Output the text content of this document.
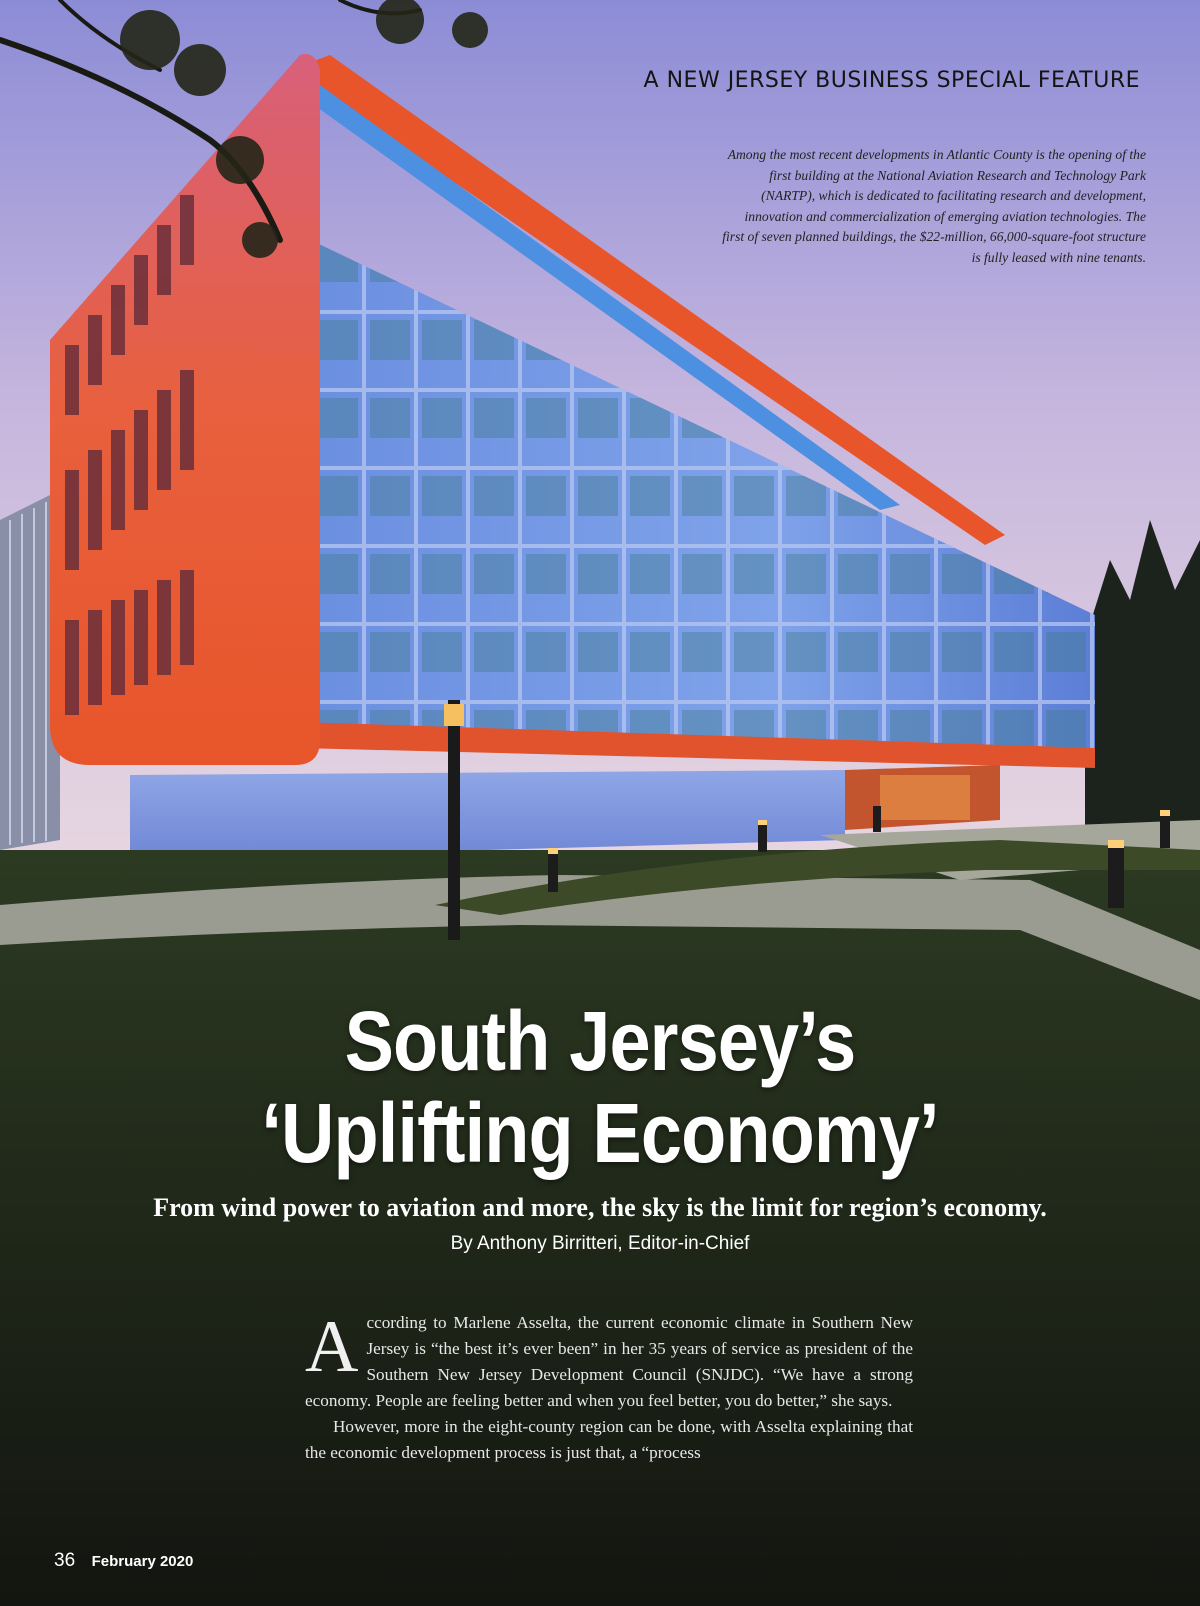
A NEW JERSEY BUSINESS SPECIAL FEATURE
Among the most recent developments in Atlantic County is the opening of the first building at the National Aviation Research and Technology Park (NARTP), which is dedicated to facilitating research and development, innovation and commercialization of emerging aviation technologies. The first of seven planned buildings, the $22-million, 66,000-square-foot structure is fully leased with nine tenants.
South Jersey’s
‘Uplifting Economy’
From wind power to aviation and more, the sky is the limit for region’s economy.
By Anthony Birritteri, Editor-in-Chief

According to Marlene Asselta, the current economic climate in Southern New Jersey is “the best it’s ever been” in her 35 years of service as president of the Southern New Jersey Development Council (SNJDC). “We have a strong economy. People are feeling better and when you feel better, you do better,” she says.

However, more in the eight-county region can be done, with Asselta explaining that the economic development process is just that, a “process

36 February 2020
